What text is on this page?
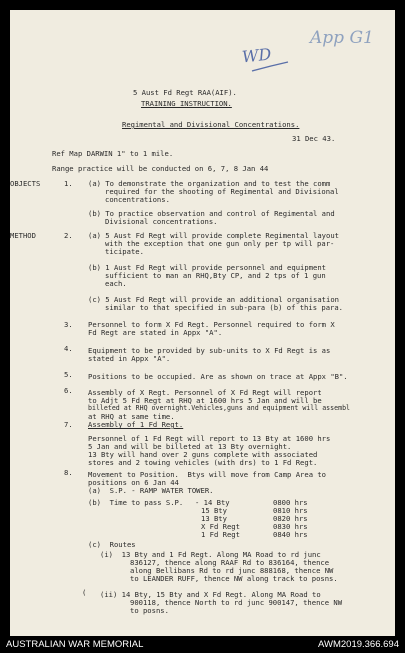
WD
App G1
5 Aust Fd Regt RAA(AIF).
TRAINING INSTRUCTION.
Regimental and Divisional Concentrations.
31 Dec 43.
Ref Map DARWIN 1" to 1 mile.
Range practice will be conducted on 6, 7, 8 Jan 44
OBJECTS	1. (a) To demonstrate the organization and to test the comm
required for the shooting of Regimental and Divisional
concentrations.
(b) To practice observation and control of Regimental and
Divisional concentrations.
METHOD	2. (a) 5 Aust Fd Regt will provide complete Regimental layout
with the exception that one gun only per tp will par-
ticipate.
(b) 1 Aust Fd Regt will provide personnel and equipment
sufficient to man an RHQ,Bty CP, and 2 tps of 1 gun
each.
(c) 5 Aust Fd Regt will provide an additional organisation
similar to that specified in sub-para (b) of this para.
3. Personnel to form X Fd Regt. Personnel required to form X
Fd Regt are stated in Appx "A".
4. Equipment to be provided by sub-units to X Fd Regt is as
stated in Appx "A".
5. Positions to be occupied. Are as shown on trace at Appx "B".
6. Assembly of X Regt. Personnel of X Fd Regt will report
to Adjt 5 Fd Regt at RHQ at 1600 hrs 5 Jan and will be
billeted at RHQ overnight.Vehicles,guns and equipment will assembl
at RHQ at same time.
7. Assembly of 1 Fd Regt.
Personnel of 1 Fd Regt will report to 13 Bty at 1600 hrs
5 Jan and will be billeted at 13 Bty overnight.
13 Bty will hand over 2 guns complete with associated
stores and 2 towing vehicles (with drs) to 1 Fd Regt.
8. Movement to Position.  Btys will move from Camp Area to
positions on 6 Jan 44
(a)  S.P. - RAMP WATER TOWER.
(b)  Time to pass S.P. - 14 Bty	0800 hrs
15 Bty	0810 hrs
13 Bty	0820 hrs
X Fd Regt	0830 hrs
1 Fd Regt	0840 hrs
(c)  Routes
(i)  13 Bty and 1 Fd Regt. Along MA Road to rd junc
836127, thence along RAAF Rd to 836164, thence
along Bellibans Rd to rd junc 888168, thence NW
to LEANDER RUFF, thence NW along track to posns.
( (ii) 14 Bty, 15 Bty and X Fd Regt. Along MA Road to
900118, thence North to rd junc 900147, thence NW
to posns.
AUSTRALIAN WAR MEMORIAL	AWM2019.366.694
